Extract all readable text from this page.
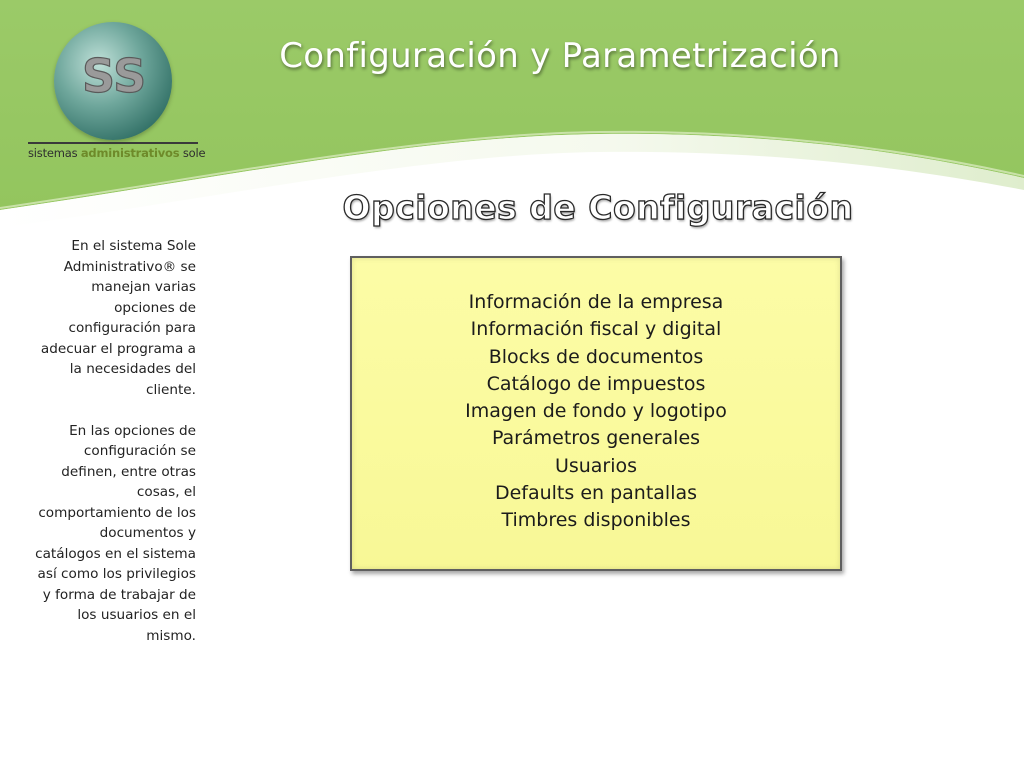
SS
sistemas administrativos sole
Configuración y Parametrización
Opciones de Configuración

En el sistema Sole Administrativo® se manejan varias opciones de configuración para adecuar el programa a la necesidades del cliente.

En las opciones de configuración se definen, entre otras cosas, el comportamiento de los documentos y catálogos en el sistema así como los privilegios y forma de trabajar de los usuarios en el mismo.

Información de la empresa
Información fiscal y digital
Blocks de documentos
Catálogo de impuestos
Imagen de fondo y logotipo
Parámetros generales
Usuarios
Defaults en pantallas
Timbres disponibles
